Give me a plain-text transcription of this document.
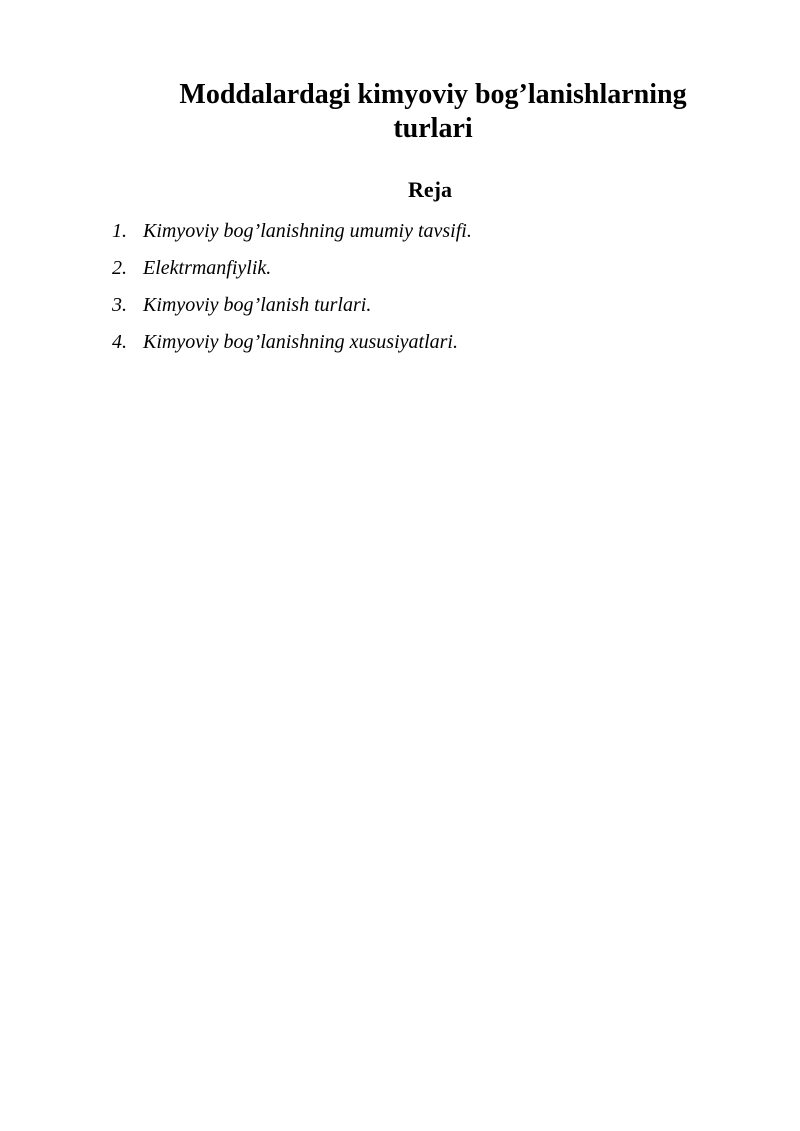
Moddalardagi kimyoviy bog’lanishlarning
turlari
Reja
1. Kimyoviy bog’lanishning umumiy tavsifi.
2. Elektrmanfiylik.
3. Kimyoviy bog’lanish turlari.
4. Kimyoviy bog’lanishning xususiyatlari.
